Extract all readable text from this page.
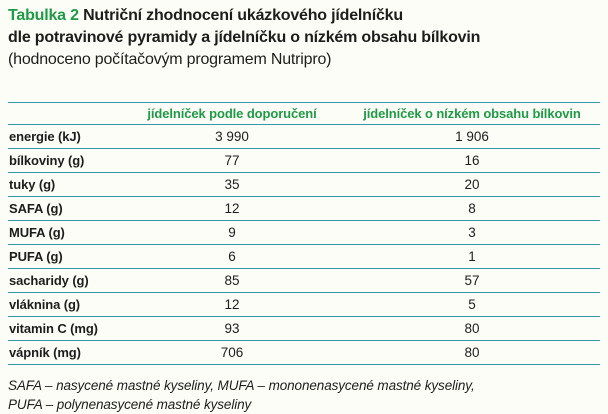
Tabulka 2 Nutriční zhodnocení ukázkového jídelníčku
dle potravinové pyramidy a jídelníčku o nízkém obsahu bílkovin
(hodnoceno počítačovým programem Nutripro)

	jídelníček podle doporučení	jídelníček o nízkém obsahu bílkovin
energie (kJ)	3 990	1 906
bílkoviny (g)	77	16
tuky (g)	35	20
SAFA (g)	12	8
MUFA (g)	9	3
PUFA (g)	6	1
sacharidy (g)	85	57
vláknina (g)	12	5
vitamin C (mg)	93	80
vápník (mg)	706	80

SAFA – nasycené mastné kyseliny, MUFA – mononenasycené mastné kyseliny,
PUFA – polynenasycené mastné kyseliny
